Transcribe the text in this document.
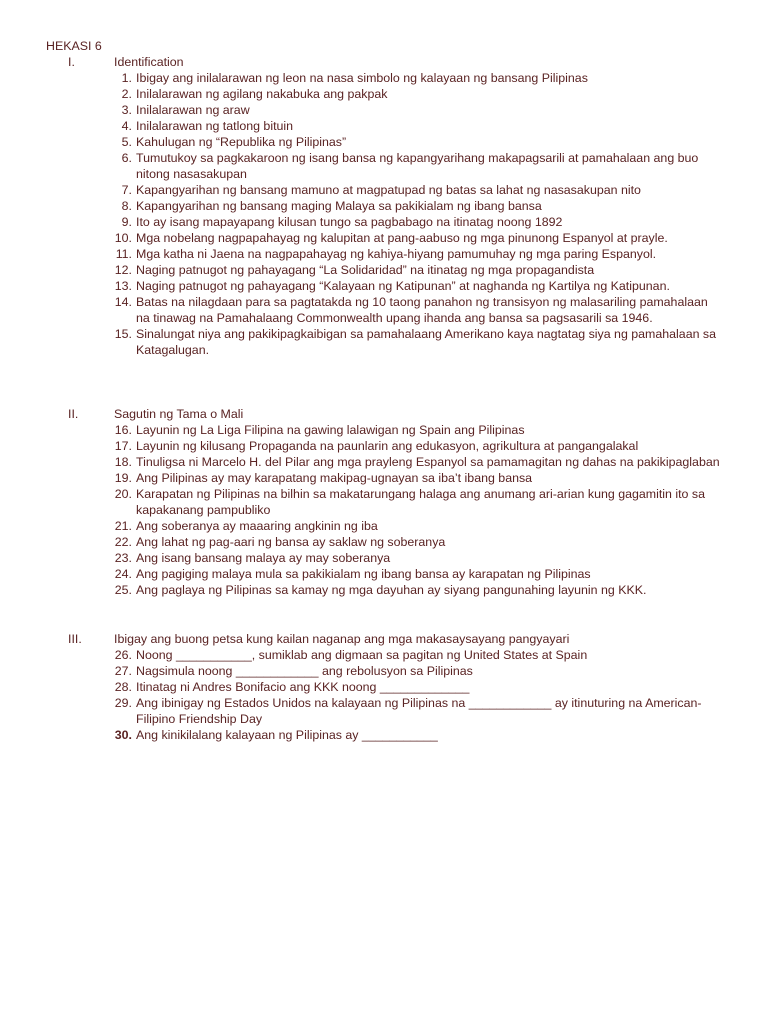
HEKASI 6
I.	Identification
1. Ibigay ang inilalarawan ng leon na nasa simbolo ng kalayaan ng bansang Pilipinas
2. Inilalarawan ng agilang nakabuka ang pakpak
3. Inilalarawan ng araw
4. Inilalarawan ng tatlong bituin
5. Kahulugan ng “Republika ng Pilipinas”
6. Tumutukoy sa pagkakaroon ng isang bansa ng kapangyarihang makapagsarili at pamahalaan ang buo nitong nasasakupan
7. Kapangyarihan ng bansang mamuno at magpatupad ng batas sa lahat ng nasasakupan nito
8. Kapangyarihan ng bansang maging Malaya sa pakikialam ng ibang bansa
9. Ito ay isang mapayapang kilusan tungo sa pagbabago na itinatag noong 1892
10. Mga nobelang nagpapahayag ng kalupitan at pang-aabuso ng mga pinunong Espanyol at prayle.
11. Mga katha ni Jaena na nagpapahayag ng kahiya-hiyang pamumuhay ng mga paring Espanyol.
12. Naging patnugot ng pahayagang “La Solidaridad” na itinatag ng mga propagandista
13. Naging patnugot ng pahayagang “Kalayaan ng Katipunan” at naghanda ng Kartilya ng Katipunan.
14. Batas na nilagdaan para sa pagtatakda ng 10 taong panahon ng transisyon ng malasariling pamahalaan na tinawag na Pamahalaang Commonwealth upang ihanda ang bansa sa pagsasarili sa 1946.
15. Sinalungat niya ang pakikipagkaibigan sa pamahalaang Amerikano kaya nagtatag siya ng pamahalaan sa Katagalugan.
II.	Sagutin ng Tama o Mali
16. Layunin ng La Liga Filipina na gawing lalawigan ng Spain ang Pilipinas
17. Layunin ng kilusang Propaganda na paunlarin ang edukasyon, agrikultura at pangangalakal
18. Tinuligsa ni Marcelo H. del Pilar ang mga prayleng Espanyol sa pamamagitan ng dahas na pakikipaglaban
19. Ang Pilipinas ay may karapatang makipag-ugnayan sa iba’t ibang bansa
20. Karapatan ng Pilipinas na bilhin sa makatarungang halaga ang anumang ari-arian kung gagamitin ito sa kapakanang pampubliko
21. Ang soberanya ay maaaring angkinin ng iba
22. Ang lahat ng pag-aari ng bansa ay saklaw ng soberanya
23. Ang isang bansang malaya ay may soberanya
24. Ang pagiging malaya mula sa pakikialam ng ibang bansa ay karapatan ng Pilipinas
25. Ang paglaya ng Pilipinas sa kamay ng mga dayuhan ay siyang pangunahing layunin ng KKK.
III.	Ibigay ang buong petsa kung kailan naganap ang mga makasaysayang pangyayari
26. Noong ___________, sumiklab ang digmaan sa pagitan ng United States at Spain
27. Nagsimula noong ____________ ang rebolusyon sa Pilipinas
28. Itinatag ni Andres Bonifacio ang KKK noong _____________
29. Ang ibinigay ng Estados Unidos na kalayaan ng Pilipinas na ____________ ay itinuturing na American-Filipino Friendship Day
30. Ang kinikilalang kalayaan ng Pilipinas ay ___________
